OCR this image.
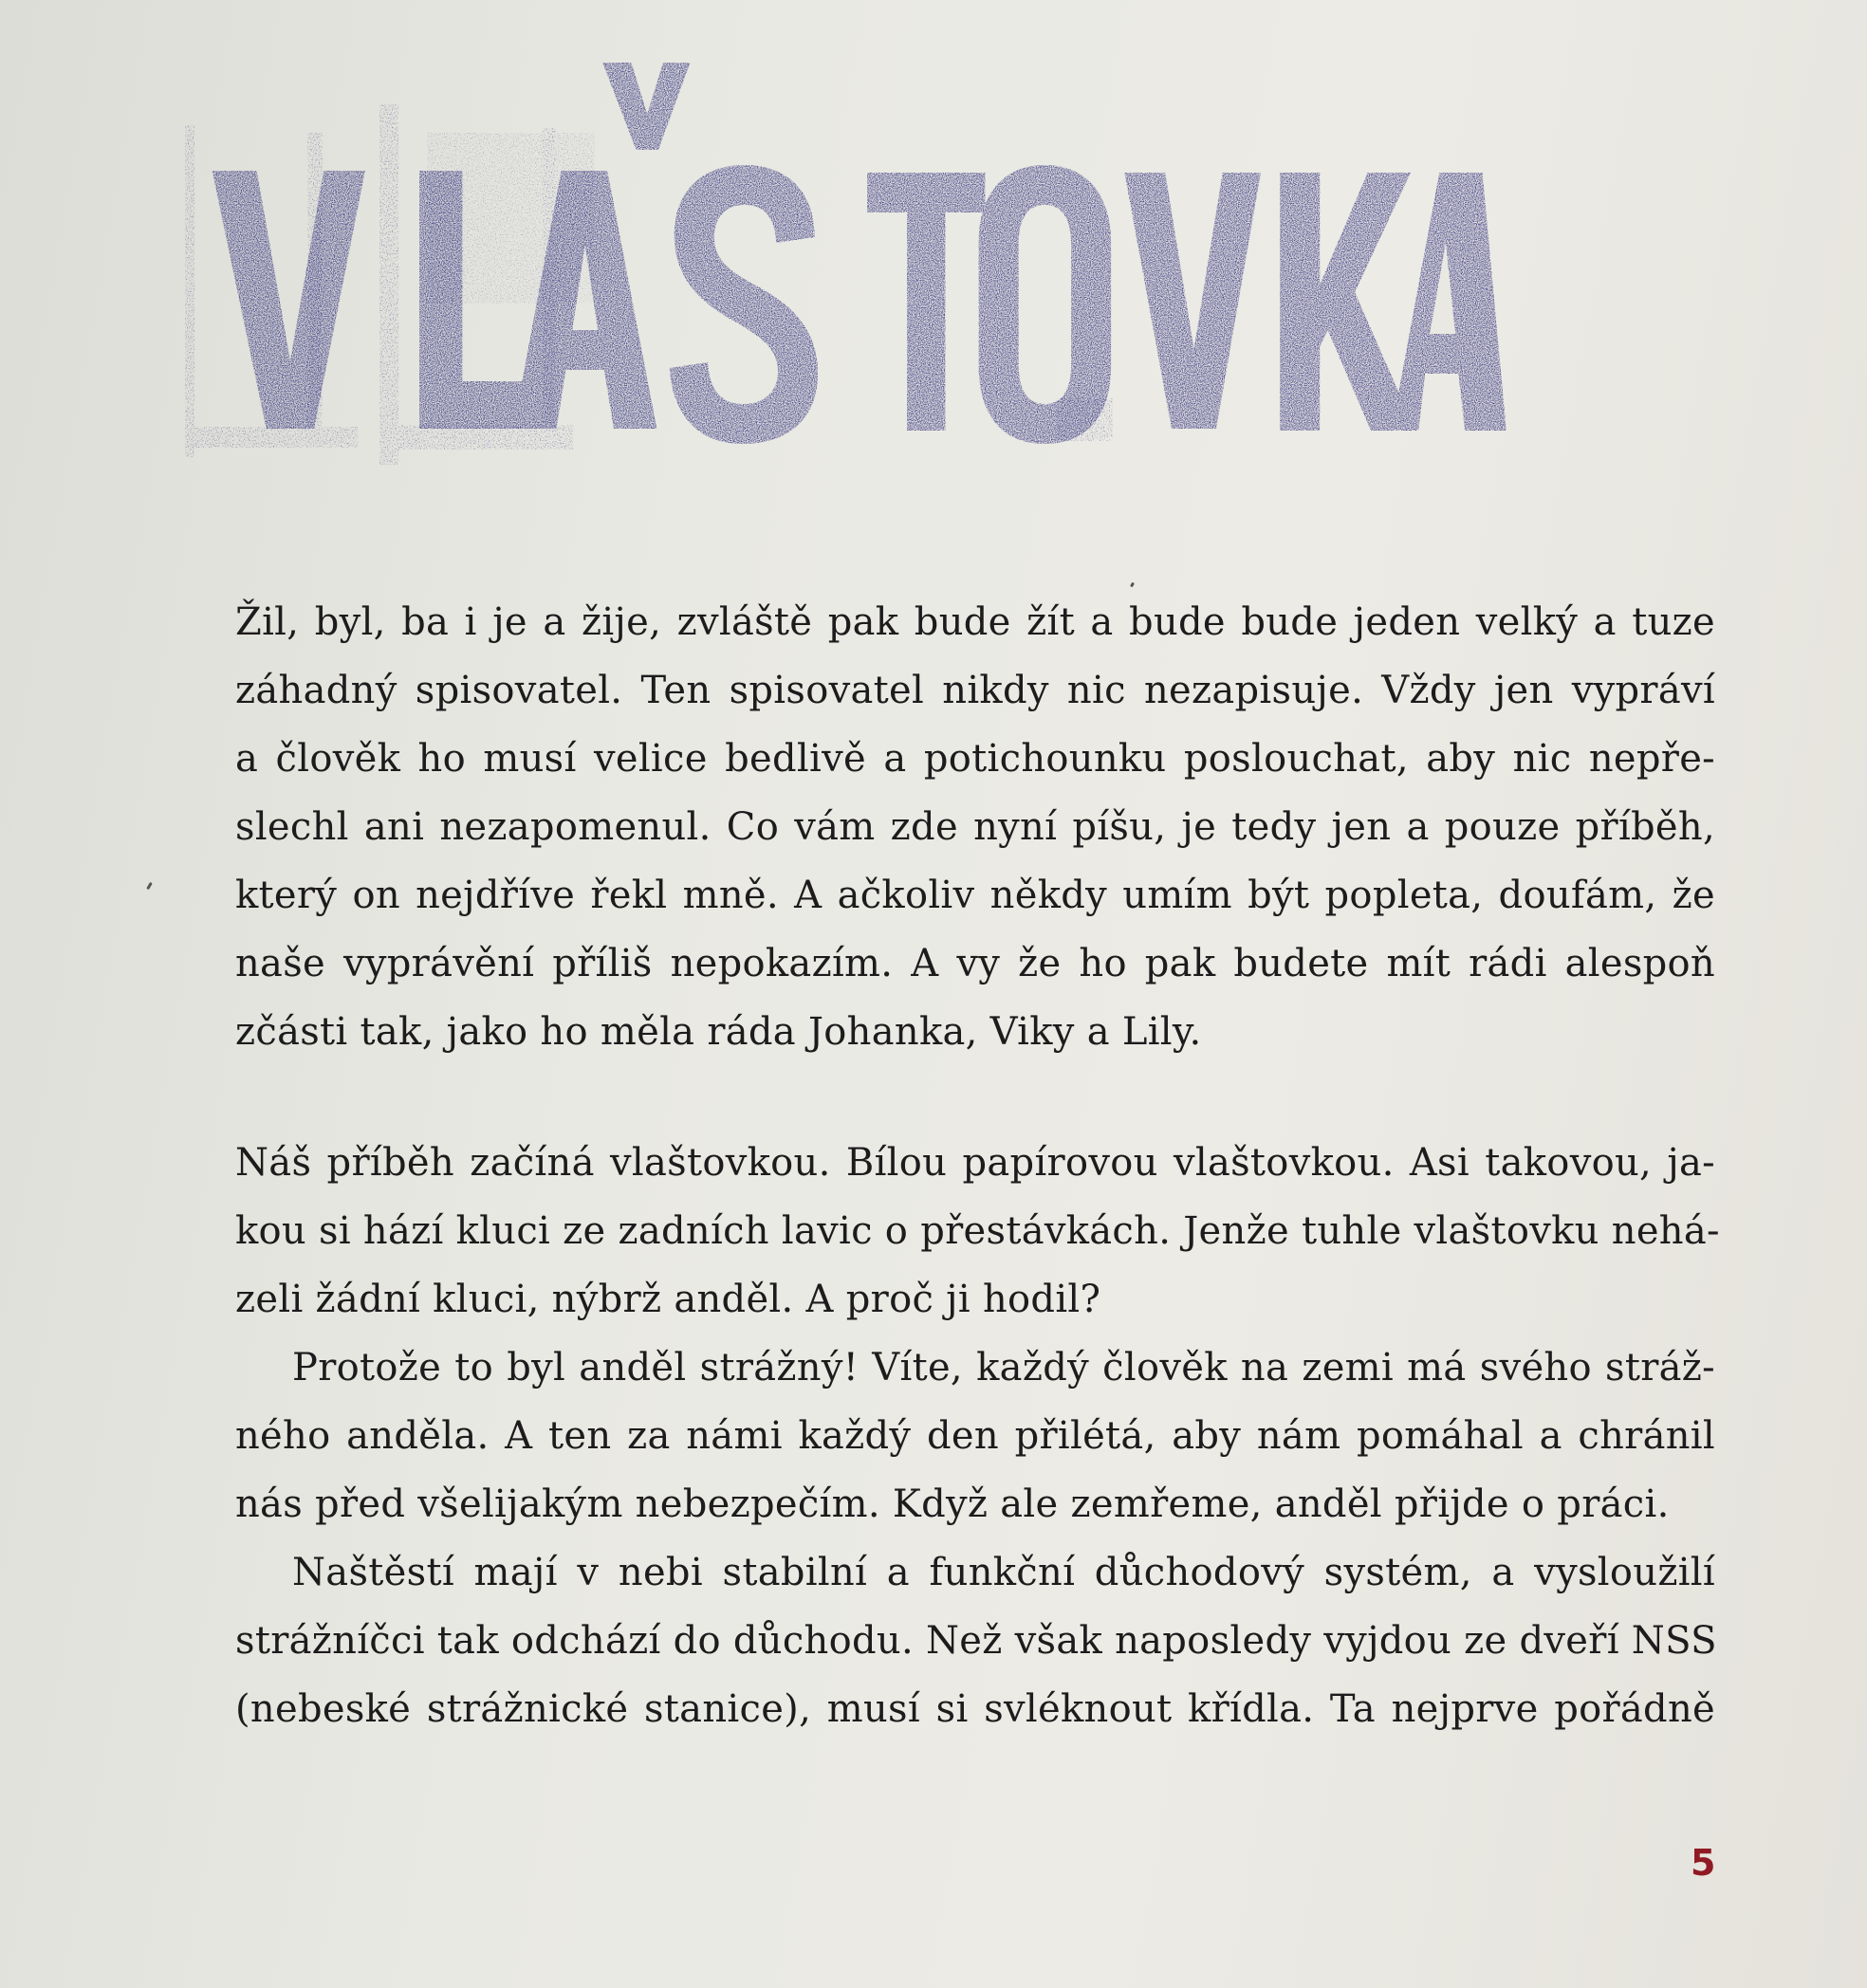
Žil, byl, ba i je a žije, zvláště pak bude žít a bude bude jeden velký a tuze
záhadný spisovatel. Ten spisovatel nikdy nic nezapisuje. Vždy jen vypráví
a člověk ho musí velice bedlivě a potichounku poslouchat, aby nic nepře-
slechl ani nezapomenul. Co vám zde nyní píšu, je tedy jen a pouze příběh,
který on nejdříve řekl mně. A ačkoliv někdy umím být popleta, doufám, že
naše vyprávění příliš nepokazím. A vy že ho pak budete mít rádi alespoň
zčásti tak, jako ho měla ráda Johanka, Viky a Lily.

Náš příběh začíná vlaštovkou. Bílou papírovou vlaštovkou. Asi takovou, ja-
kou si hází kluci ze zadních lavic o přestávkách. Jenže tuhle vlaštovku nehá-
zeli žádní kluci, nýbrž anděl. A proč ji hodil?

Protože to byl anděl strážný! Víte, každý člověk na zemi má svého stráž-
ného anděla. A ten za námi každý den přilétá, aby nám pomáhal a chránil
nás před všelijakým nebezpečím. Když ale zemřeme, anděl přijde o práci.

Naštěstí mají v nebi stabilní a funkční důchodový systém, a vysloužilí
strážníčci tak odchází do důchodu. Než však naposledy vyjdou ze dveří NSS
(nebeské strážnické stanice), musí si svléknout křídla. Ta nejprve pořádně

5
